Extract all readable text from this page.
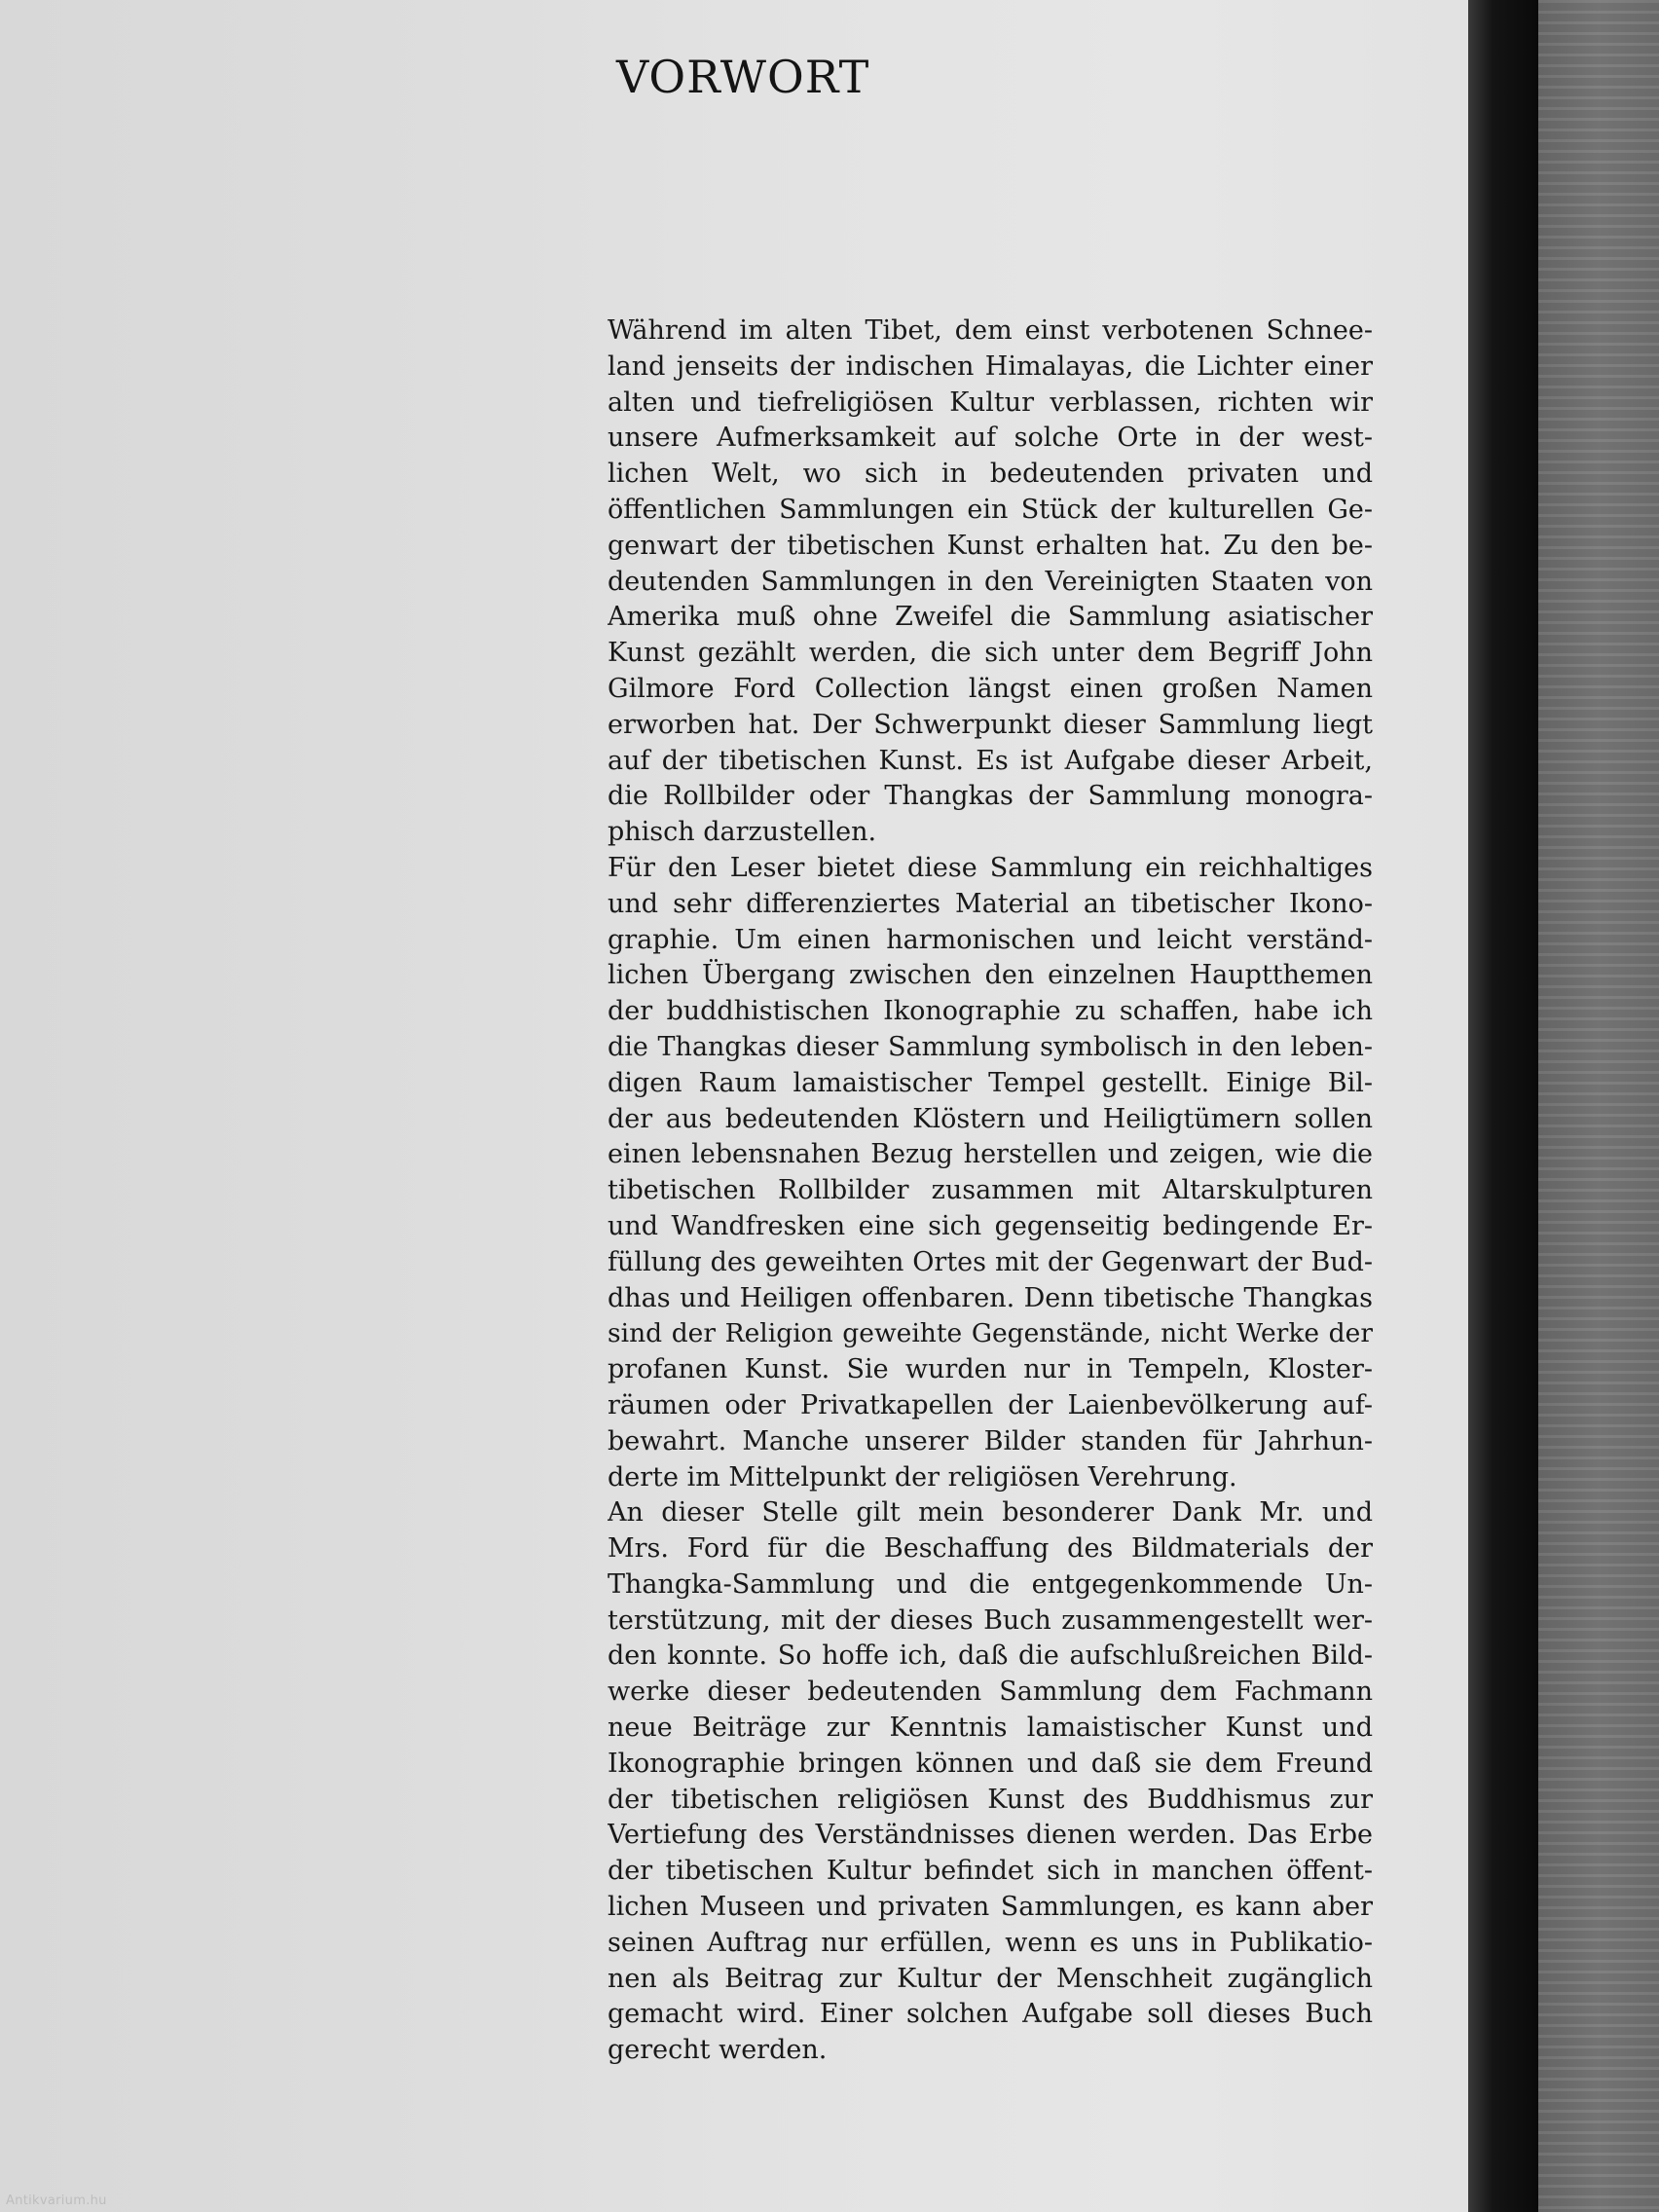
VORWORT
Während im alten Tibet, dem einst verbotenen Schnee-
land jenseits der indischen Himalayas, die Lichter einer
alten und tiefreligiösen Kultur verblassen, richten wir
unsere Aufmerksamkeit auf solche Orte in der west-
lichen Welt, wo sich in bedeutenden privaten und
öffentlichen Sammlungen ein Stück der kulturellen Ge-
genwart der tibetischen Kunst erhalten hat. Zu den be-
deutenden Sammlungen in den Vereinigten Staaten von
Amerika muß ohne Zweifel die Sammlung asiatischer
Kunst gezählt werden, die sich unter dem Begriff John
Gilmore Ford Collection längst einen großen Namen
erworben hat. Der Schwerpunkt dieser Sammlung liegt
auf der tibetischen Kunst. Es ist Aufgabe dieser Arbeit,
die Rollbilder oder Thangkas der Sammlung monogra-
phisch darzustellen.
Für den Leser bietet diese Sammlung ein reichhaltiges
und sehr differenziertes Material an tibetischer Ikono-
graphie. Um einen harmonischen und leicht verständ-
lichen Übergang zwischen den einzelnen Hauptthemen
der buddhistischen Ikonographie zu schaffen, habe ich
die Thangkas dieser Sammlung symbolisch in den leben-
digen Raum lamaistischer Tempel gestellt. Einige Bil-
der aus bedeutenden Klöstern und Heiligtümern sollen
einen lebensnahen Bezug herstellen und zeigen, wie die
tibetischen Rollbilder zusammen mit Altarskulpturen
und Wandfresken eine sich gegenseitig bedingende Er-
füllung des geweihten Ortes mit der Gegenwart der Bud-
dhas und Heiligen offenbaren. Denn tibetische Thangkas
sind der Religion geweihte Gegenstände, nicht Werke der
profanen Kunst. Sie wurden nur in Tempeln, Kloster-
räumen oder Privatkapellen der Laienbevölkerung auf-
bewahrt. Manche unserer Bilder standen für Jahrhun-
derte im Mittelpunkt der religiösen Verehrung.
An dieser Stelle gilt mein besonderer Dank Mr. und
Mrs. Ford für die Beschaffung des Bildmaterials der
Thangka-Sammlung und die entgegenkommende Un-
terstützung, mit der dieses Buch zusammengestellt wer-
den konnte. So hoffe ich, daß die aufschlußreichen Bild-
werke dieser bedeutenden Sammlung dem Fachmann
neue Beiträge zur Kenntnis lamaistischer Kunst und
Ikonographie bringen können und daß sie dem Freund
der tibetischen religiösen Kunst des Buddhismus zur
Vertiefung des Verständnisses dienen werden. Das Erbe
der tibetischen Kultur befindet sich in manchen öffent-
lichen Museen und privaten Sammlungen, es kann aber
seinen Auftrag nur erfüllen, wenn es uns in Publikatio-
nen als Beitrag zur Kultur der Menschheit zugänglich
gemacht wird. Einer solchen Aufgabe soll dieses Buch
gerecht werden.
Antikvarium.hu
